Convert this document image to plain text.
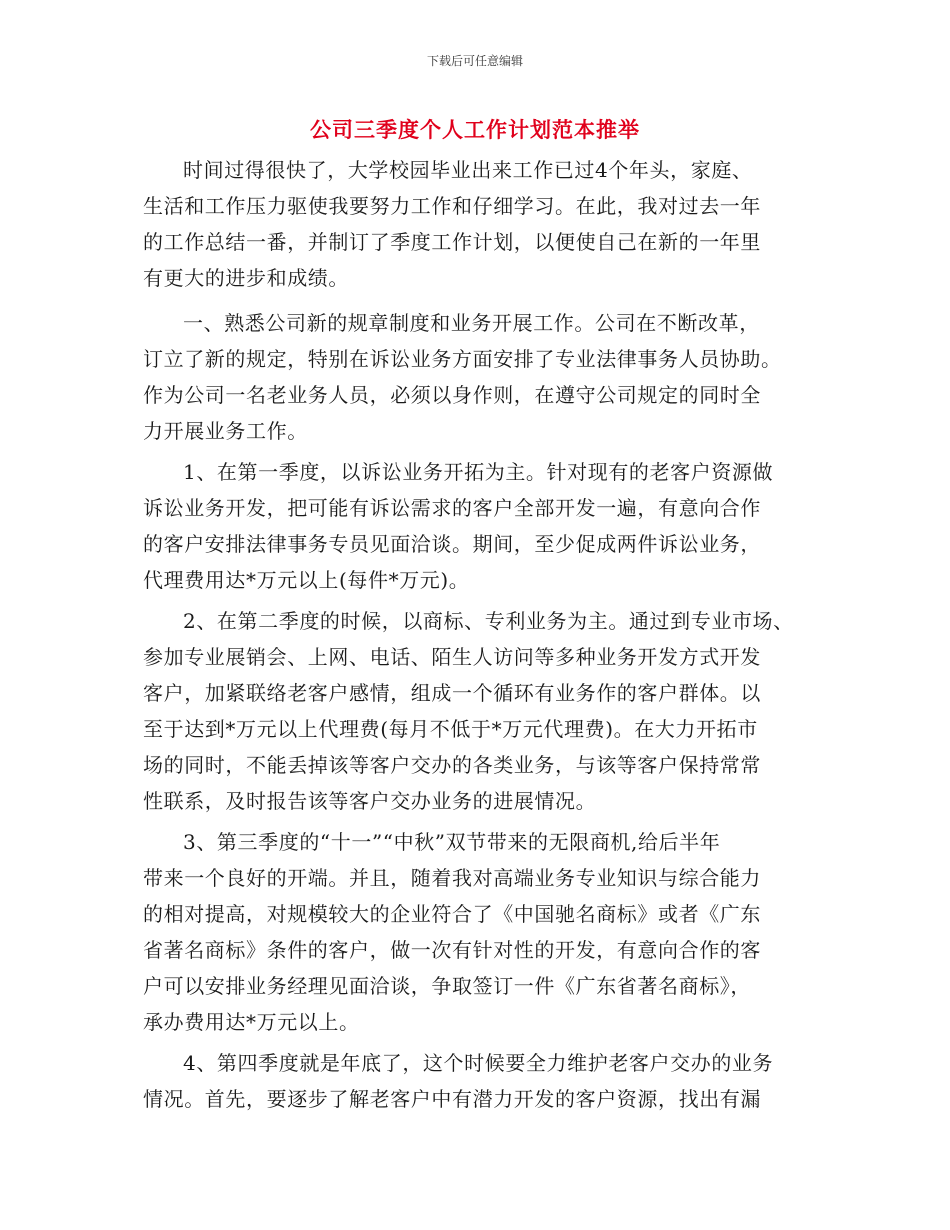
下载后可任意编辑
公司三季度个人工作计划范本推举
时间过得很快了，大学校园毕业出来工作已过4个年头，家庭、
生活和工作压力驱使我要努力工作和仔细学习。在此，我对过去一年
的工作总结一番，并制订了季度工作计划，以便使自己在新的一年里
有更大的进步和成绩。
一、熟悉公司新的规章制度和业务开展工作。公司在不断改革，
订立了新的规定，特别在诉讼业务方面安排了专业法律事务人员协助。
作为公司一名老业务人员，必须以身作则，在遵守公司规定的同时全
力开展业务工作。
1、在第一季度，以诉讼业务开拓为主。针对现有的老客户资源做
诉讼业务开发，把可能有诉讼需求的客户全部开发一遍，有意向合作
的客户安排法律事务专员见面洽谈。期间，至少促成两件诉讼业务，
代理费用达*万元以上(每件*万元)。
2、在第二季度的时候，以商标、专利业务为主。通过到专业市场、
参加专业展销会、上网、电话、陌生人访问等多种业务开发方式开发
客户，加紧联络老客户感情，组成一个循环有业务作的客户群体。以
至于达到*万元以上代理费(每月不低于*万元代理费)。在大力开拓市
场的同时，不能丢掉该等客户交办的各类业务，与该等客户保持常常
性联系，及时报告该等客户交办业务的进展情况。
3、第三季度的“十一”“中秋”双节带来的无限商机,给后半年
带来一个良好的开端。并且，随着我对高端业务专业知识与综合能力
的相对提高，对规模较大的企业符合了《中国驰名商标》或者《广东
省著名商标》条件的客户，做一次有针对性的开发，有意向合作的客
户可以安排业务经理见面洽谈，争取签订一件《广东省著名商标》，
承办费用达*万元以上。
4、第四季度就是年底了，这个时候要全力维护老客户交办的业务
情况。首先，要逐步了解老客户中有潜力开发的客户资源，找出有漏
